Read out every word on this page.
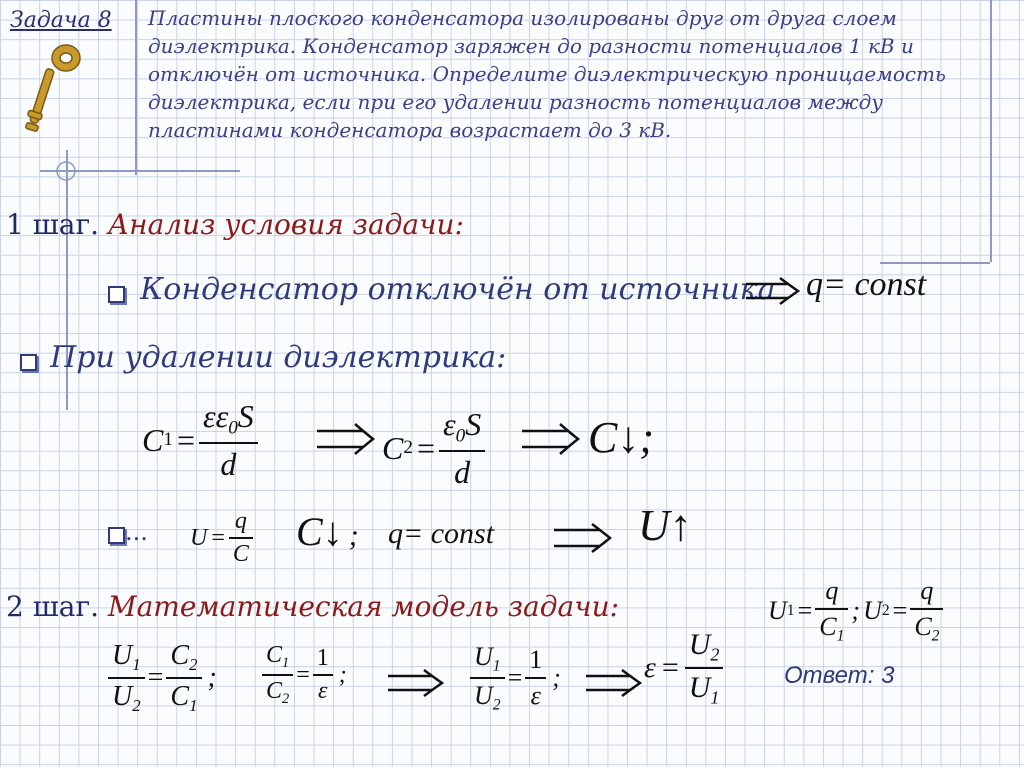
Задача 8 Пластины плоского конденсатора изолированы друг от друга слоем диэлектрика. Конденсатор заряжен до разности потенциалов 1 кВ и отключён от источника. Определите диэлектрическую проницаемость диэлектрика, если при его удалении разность потенциалов между пластинами конденсатора возрастает до 3 кВ.
1 шаг. Анализ условия задачи:
Конденсатор отключён от источника q= const
При удалении диэлектрика:
C $1 = \frac{\varepsilon\varepsilon_0S}{d}$	C $2 = \frac{\varepsilon_0S}{d}$ C↓;
... $U = \frac{q}{C}$ C↓ ; q= const	U↑
2 шаг. Математическая модель задачи:	U $1 = \frac{q}{C_1}$ ; U $2 = \frac{q}{C_2}$
$\frac{U_1}{U_2} = \frac{C_2}{C_1}$ ; $\frac{C_1}{C_2} = \frac{1}{\varepsilon}$ ;	$\frac{U_1}{U_2} = \frac{1}{\varepsilon}$ ;	$\varepsilon = \frac{U_2}{U_1}$	Ответ: 3
